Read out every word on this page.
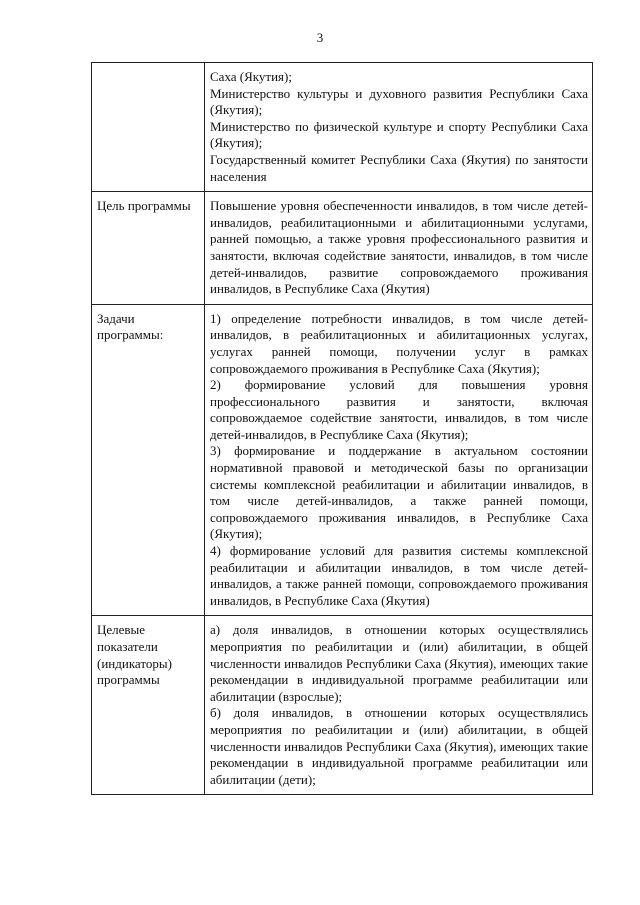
3

	Саха (Якутия);
Министерство культуры и духовного развития Республики Саха (Якутия);
Министерство по физической культуре и спорту Республики Саха (Якутия);
Государственный комитет Республики Саха (Якутия) по занятости населения

Цель программы	Повышение уровня обеспеченности инвалидов, в том числе детей-инвалидов, реабилитационными и абилитационными услугами, ранней помощью, а также уровня профессионального развития и занятости, включая содействие занятости, инвалидов, в том числе детей-инвалидов, развитие сопровождаемого проживания инвалидов, в Республике Саха (Якутия)

Задачи программы:	1) определение потребности инвалидов, в том числе детей-инвалидов, в реабилитационных и абилитационных услугах, услугах ранней помощи, получении услуг в рамках сопровождаемого проживания в Республике Саха (Якутия);
2) формирование условий для повышения уровня профессионального развития и занятости, включая сопровождаемое содействие занятости, инвалидов, в том числе детей-инвалидов, в Республике Саха (Якутия);
3) формирование и поддержание в актуальном состоянии нормативной правовой и методической базы по организации системы комплексной реабилитации и абилитации инвалидов, в том числе детей-инвалидов, а также ранней помощи, сопровождаемого проживания инвалидов, в Республике Саха (Якутия);
4) формирование условий для развития системы комплексной реабилитации и абилитации инвалидов, в том числе детей-инвалидов, а также ранней помощи, сопровождаемого проживания инвалидов, в Республике Саха (Якутия)

Целевые показатели (индикаторы) программы	а) доля инвалидов, в отношении которых осуществлялись мероприятия по реабилитации и (или) абилитации, в общей численности инвалидов Республики Саха (Якутия), имеющих такие рекомендации в индивидуальной программе реабилитации или абилитации (взрослые);
б) доля инвалидов, в отношении которых осуществлялись мероприятия по реабилитации и (или) абилитации, в общей численности инвалидов Республики Саха (Якутия), имеющих такие рекомендации в индивидуальной программе реабилитации или абилитации (дети);
